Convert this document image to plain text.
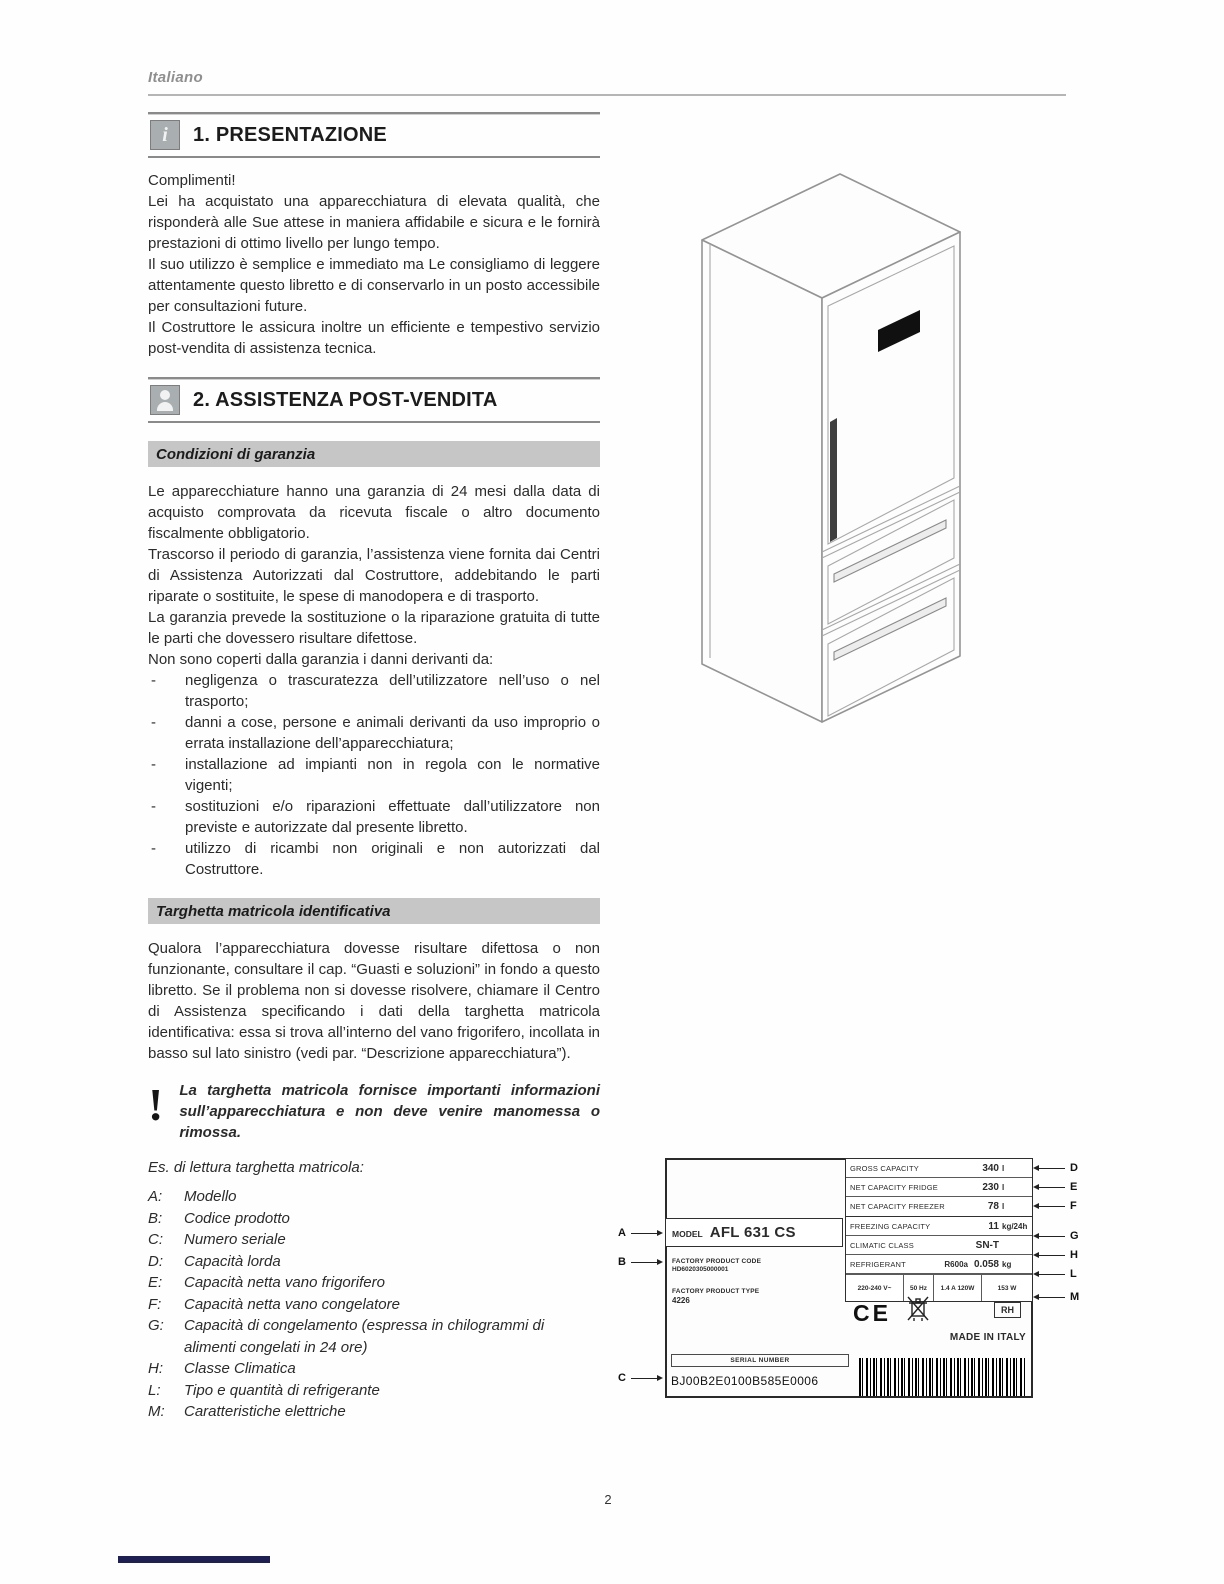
Italiano
i	1. PRESENTAZIONE

Complimenti!

Lei ha acquistato una apparecchiatura di elevata qualità, che risponderà alle Sue attese in maniera affidabile e sicura e le fornirà prestazioni di ottimo livello per lungo tempo.

Il suo utilizzo è semplice e immediato ma Le consigliamo di leggere attentamente questo libretto e di conservarlo in un posto accessibile per consultazioni future.

Il Costruttore le assicura inoltre un efficiente e tempestivo servizio post-vendita di assistenza tecnica.

2. ASSISTENZA POST-VENDITA
Condizioni di garanzia

Le apparecchiature hanno una garanzia di 24 mesi dalla data di acquisto comprovata da ricevuta fiscale o altro documento fiscalmente obbligatorio.

Trascorso il periodo di garanzia, l’assistenza viene fornita dai Centri di Assistenza Autorizzati dal Costruttore, addebitando le parti riparate o sostituite, le spese di manodopera e di trasporto.

La garanzia prevede la sostituzione o la riparazione gratuita di tutte le parti che dovessero risultare difettose.

Non sono coperti dalla garanzia i danni derivanti da:

-	negligenza o trascuratezza dell’utilizzatore nell’uso o nel trasporto;
-	danni a cose, persone e animali derivanti da uso improprio o errata installazione dell’apparecchiatura;
-	installazione ad impianti non in regola con le normative vigenti;
-	sostituzioni e/o riparazioni effettuate dall’utilizzatore non previste e autorizzate dal presente libretto.
-	utilizzo di ricambi non originali e non autorizzati dal Costruttore.
Targhetta matricola identificativa

Qualora l’apparecchiatura dovesse risultare difettosa o non funzionante, consultare il cap. “Guasti e soluzioni” in fondo a questo libretto. Se il problema non si dovesse risolvere, chiamare il Centro di Assistenza specificando i dati della targhetta matricola identificativa: essa si trova all’interno del vano frigorifero, incollata in basso sul lato sinistro (vedi par. “Descrizione apparecchiatura”).

! La targhetta matricola fornisce importanti informazioni sull’apparecchiatura e non deve venire manomessa o rimossa.
Es. di lettura targhetta matricola:
A:	Modello
B:	Codice prodotto
C:	Numero seriale
D:	Capacità lorda
E:	Capacità netta vano frigorifero
F:	Capacità netta vano congelatore
G:	Capacità di congelamento (espressa in chilogrammi di alimenti congelati in 24 ore)
H:	Classe Climatica
L:	Tipo e quantità di refrigerante
M:	Caratteristiche elettriche
A
B
C
D
E
F
G
H
L
M
GROSS CAPACITY	340 l
NET CAPACITY FRIDGE	230 l
NET CAPACITY FREEZER	78 l
FREEZING CAPACITY	11 kg/24h
CLIMATIC CLASS	SN-T
REFRIGERANT	R600a 0.058 kg
220-240 V~	50 Hz	1.4 A 120W	153 W
MODEL AFL 631 CS
FACTORY PRODUCT CODE
HD6020305000001
FACTORY PRODUCT TYPE
4226	CE	RH
MADE IN ITALY
SERIAL NUMBER
BJ00B2E0100B585E0006
2
